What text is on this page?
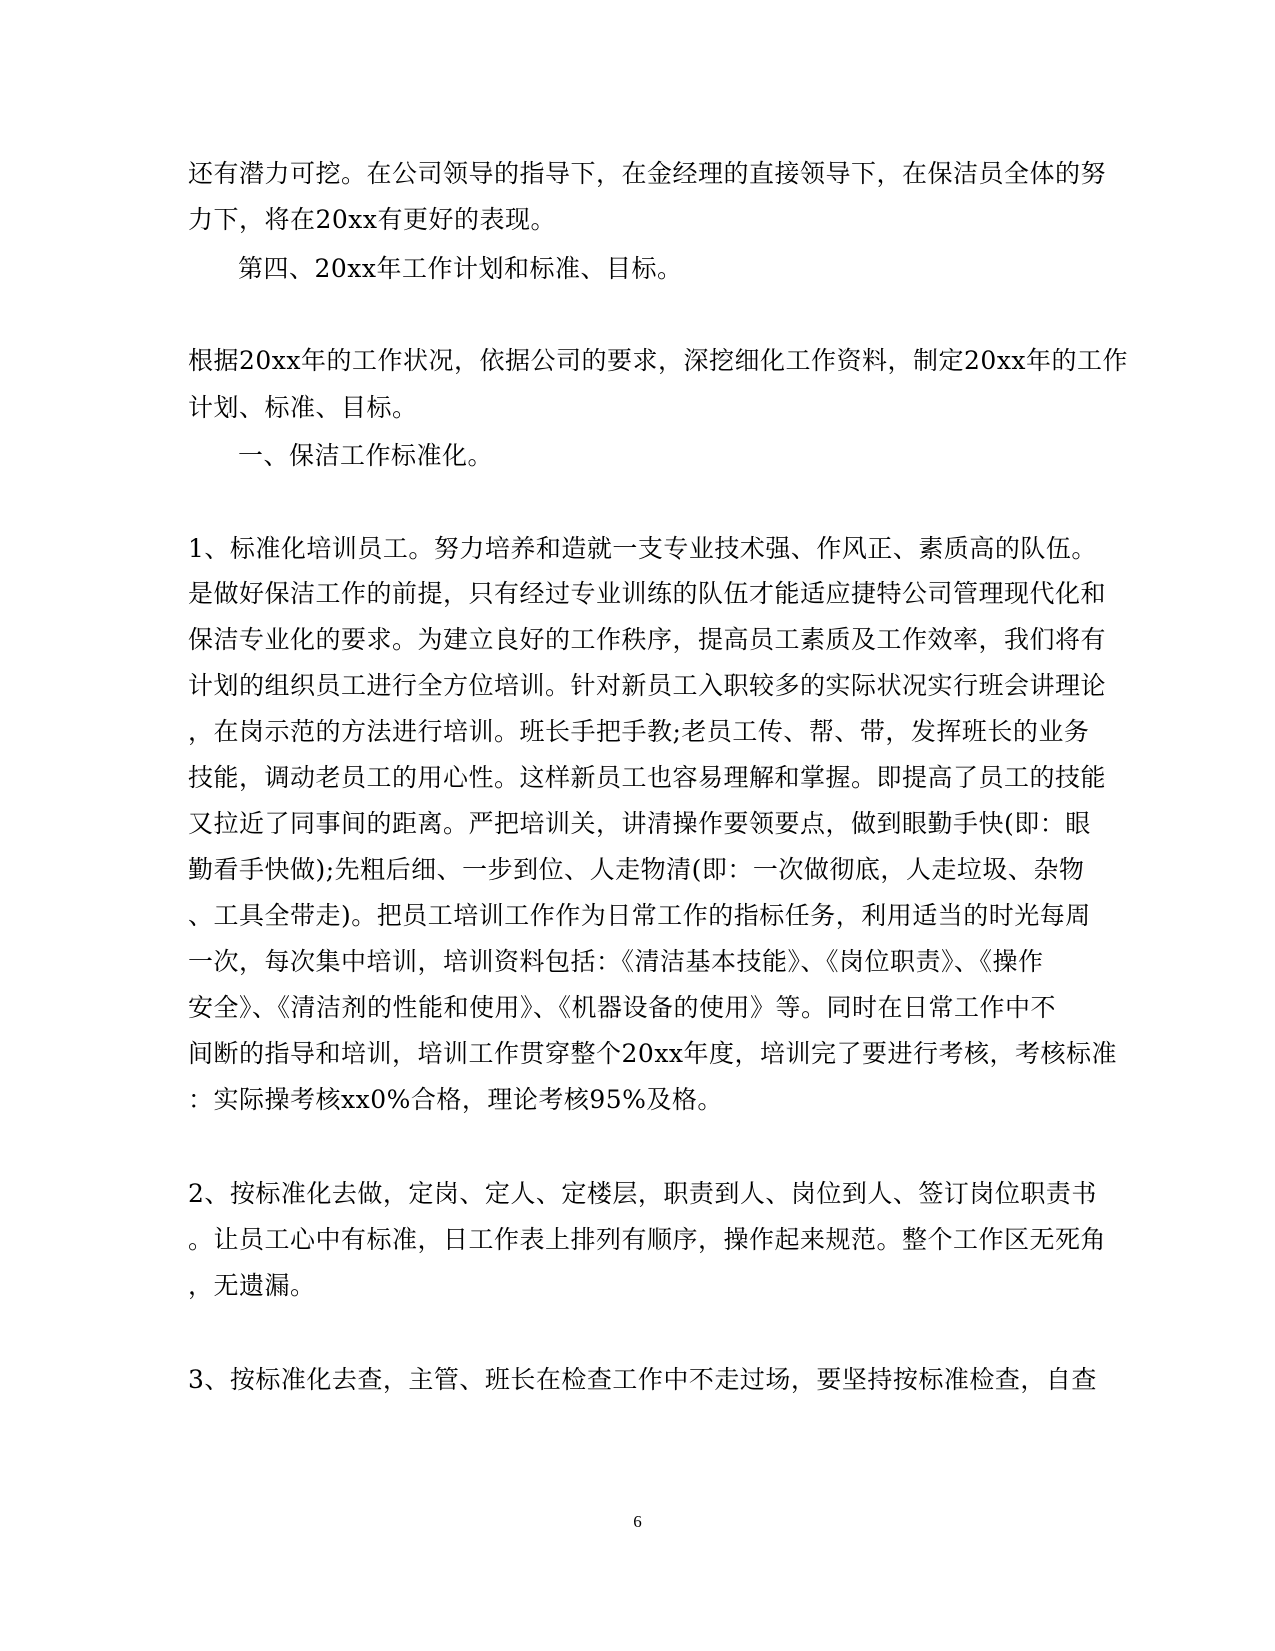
还有潜力可挖。在公司领导的指导下，在金经理的直接领导下，在保洁员全体的努
力下，将在20xx有更好的表现。
第四、20xx年工作计划和标准、目标。
根据20xx年的工作状况，依据公司的要求，深挖细化工作资料，制定20xx年的工作
计划、标准、目标。
一、保洁工作标准化。
1、标准化培训员工。努力培养和造就一支专业技术强、作风正、素质高的队伍。
是做好保洁工作的前提，只有经过专业训练的队伍才能适应捷特公司管理现代化和
保洁专业化的要求。为建立良好的工作秩序，提高员工素质及工作效率，我们将有
计划的组织员工进行全方位培训。针对新员工入职较多的实际状况实行班会讲理论
，在岗示范的方法进行培训。班长手把手教;老员工传、帮、带，发挥班长的业务
技能，调动老员工的用心性。这样新员工也容易理解和掌握。即提高了员工的技能
又拉近了同事间的距离。严把培训关，讲清操作要领要点，做到眼勤手快(即：眼
勤看手快做);先粗后细、一步到位、人走物清(即：一次做彻底，人走垃圾、杂物
、工具全带走)。把员工培训工作作为日常工作的指标任务，利用适当的时光每周
一次，每次集中培训，培训资料包括：《清洁基本技能》、《岗位职责》、《操作
安全》、《清洁剂的性能和使用》、《机器设备的使用》等。同时在日常工作中不
间断的指导和培训，培训工作贯穿整个20xx年度，培训完了要进行考核，考核标准
：实际操考核xx0%合格，理论考核95%及格。
2、按标准化去做，定岗、定人、定楼层，职责到人、岗位到人、签订岗位职责书
。让员工心中有标准，日工作表上排列有顺序，操作起来规范。整个工作区无死角
，无遗漏。
3、按标准化去查，主管、班长在检查工作中不走过场，要坚持按标准检查，自查
6
